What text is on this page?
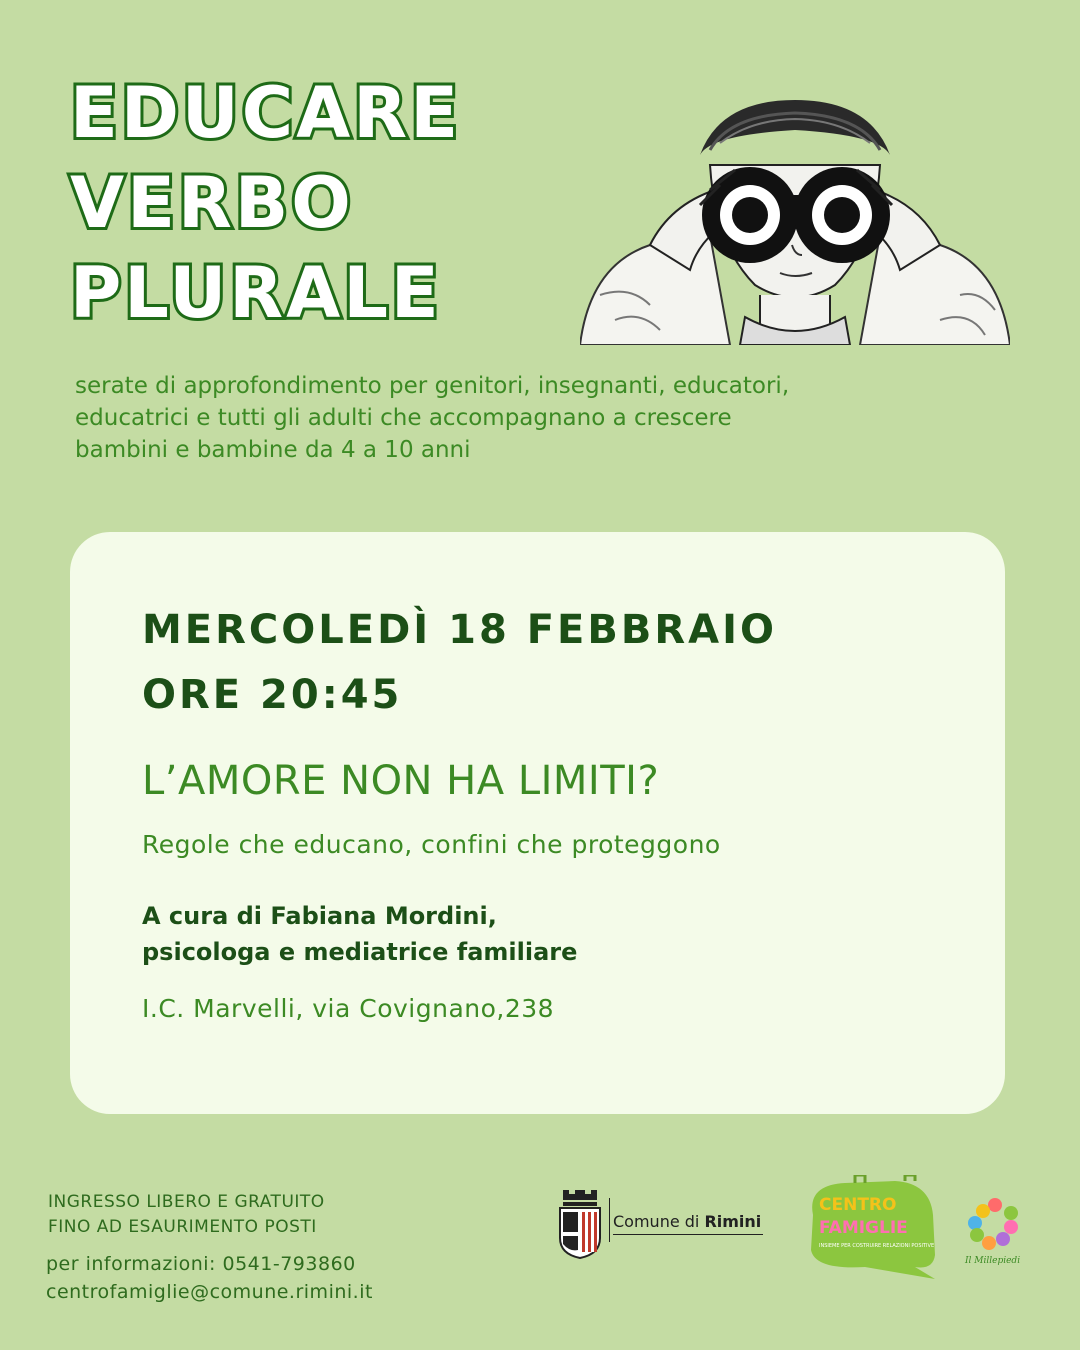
EDUCARE
VERBO
PLURALE
serate di approfondimento per genitori, insegnanti, educatori,
educatrici e tutti gli adulti che accompagnano a crescere
bambini e bambine da 4 a 10 anni
MERCOLEDÌ 18 FEBBRAIO
ORE 20:45
L’AMORE NON HA LIMITI?
Regole che educano, confini che proteggono
A cura di Fabiana Mordini,
psicologa e mediatrice familiare
I.C. Marvelli, via Covignano,238
INGRESSO LIBERO E GRATUITO
FINO AD ESAURIMENTO POSTI
per informazioni: 0541-793860
centrofamiglie@comune.rimini.it
Comune di Rimini
CENTRO
FAMIGLIE
INSIEME PER COSTRUIRE RELAZIONI POSITIVE
Il Millepiedi
